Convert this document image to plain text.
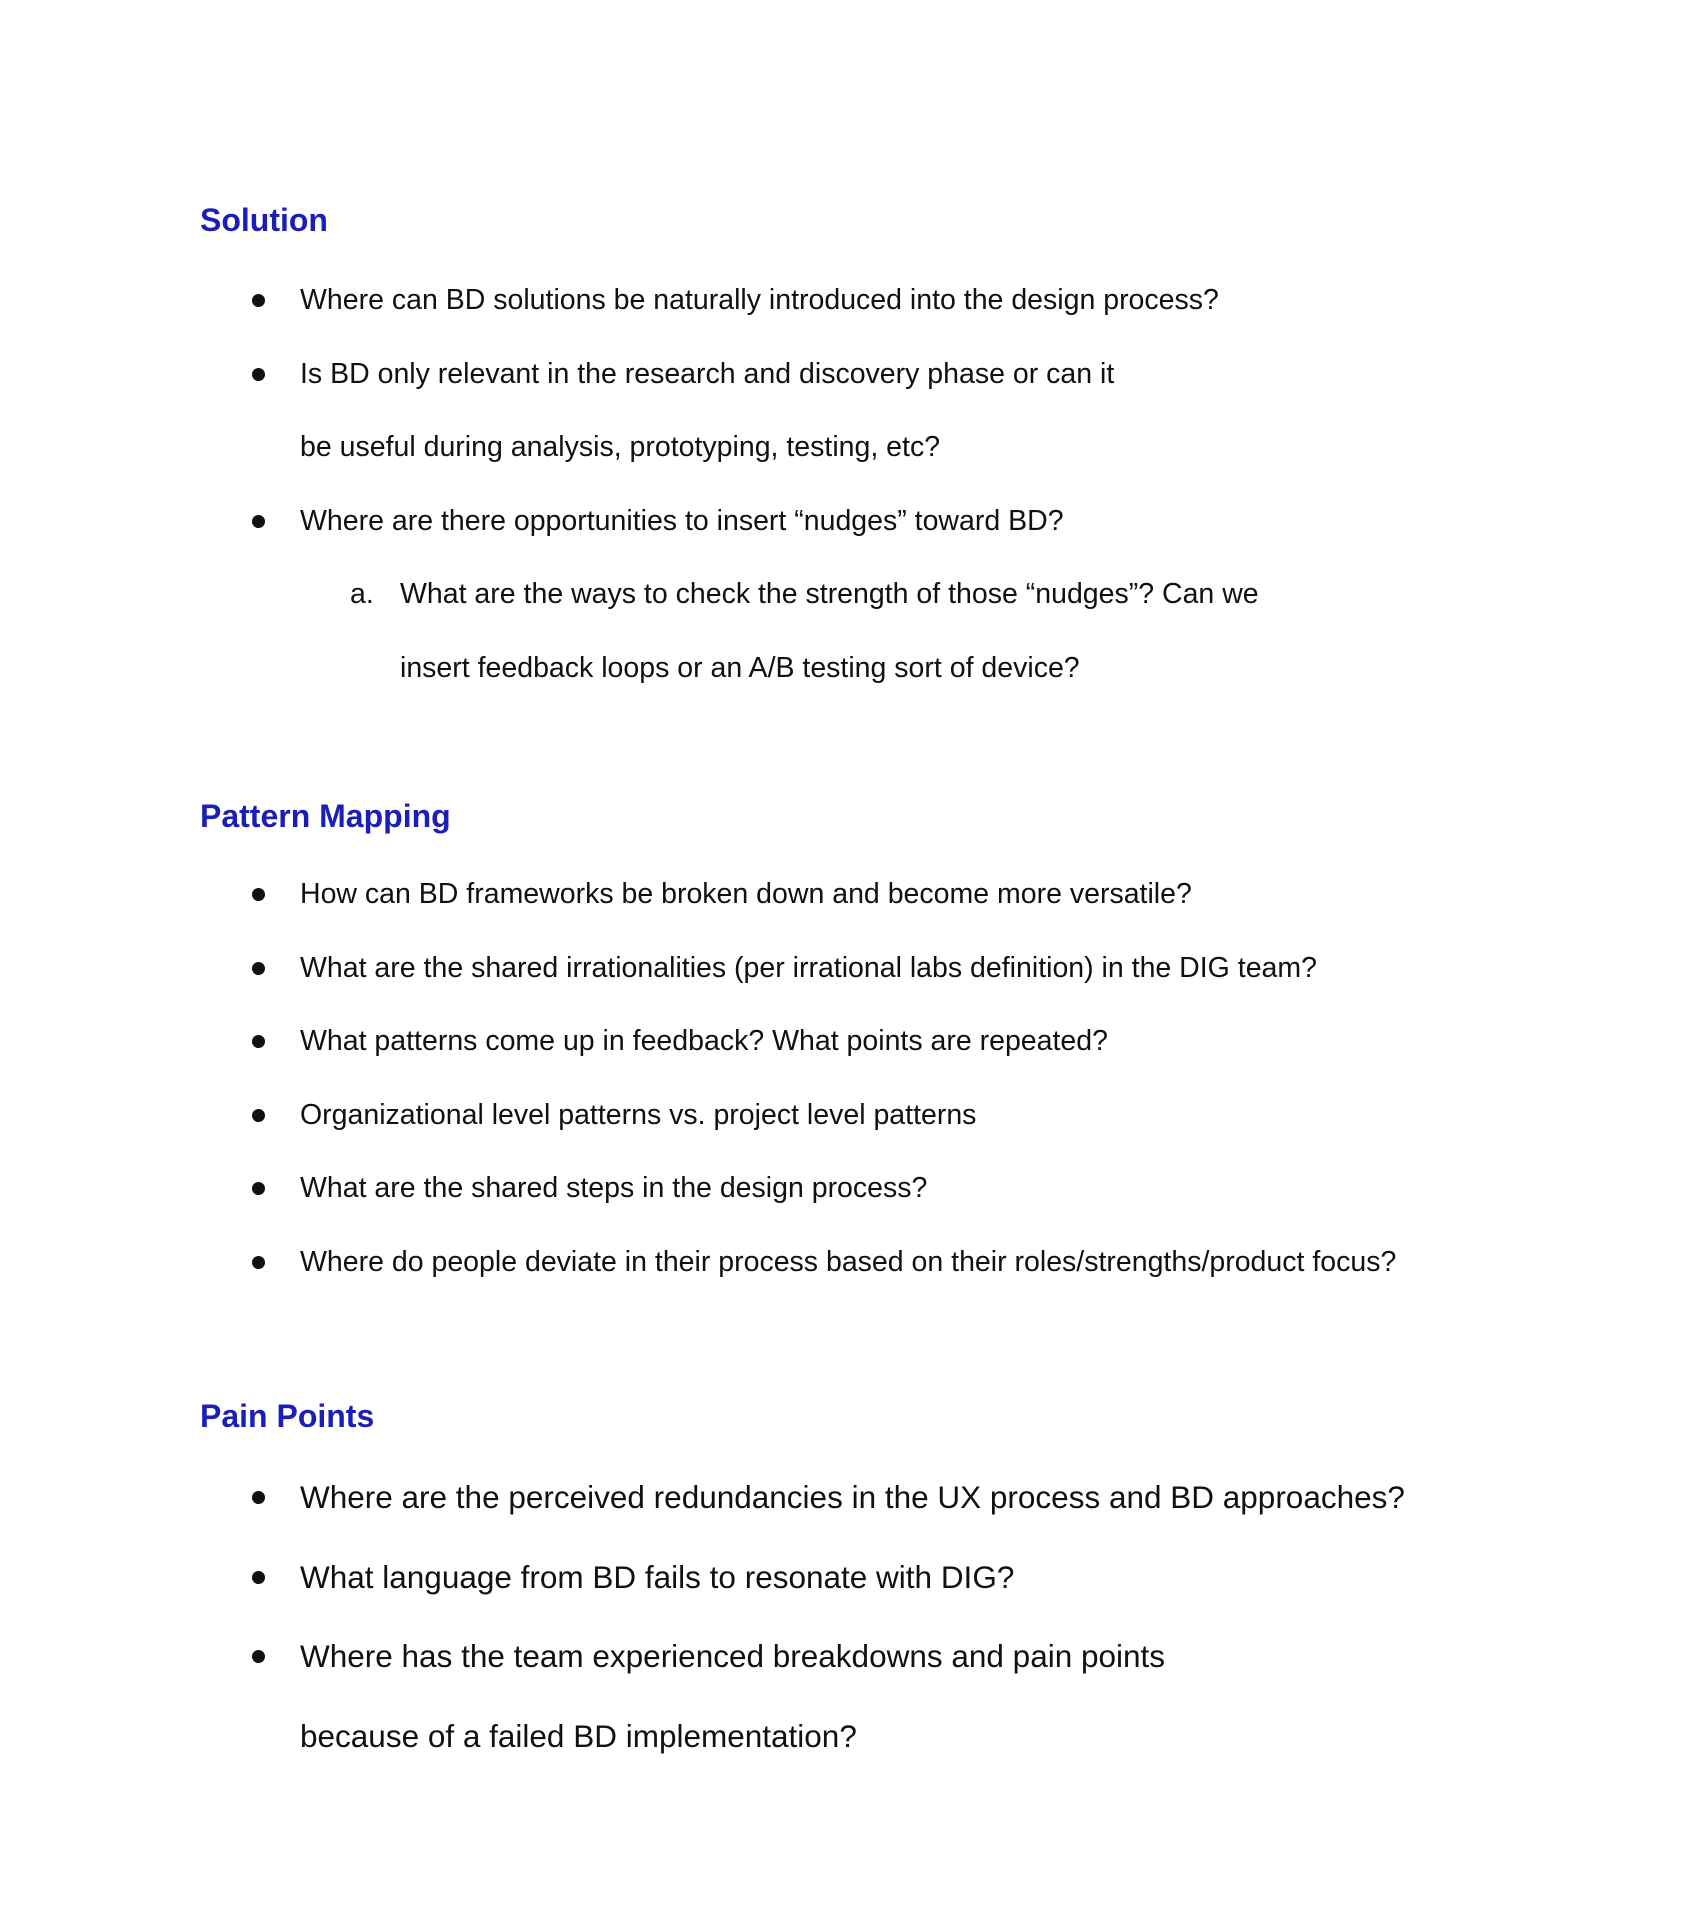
Solution
Where can BD solutions be naturally introduced into the design process?
Is BD only relevant in the research and discovery phase or can it be useful during analysis, prototyping, testing, etc?
Where are there opportunities to insert “nudges” toward BD?
a. What are the ways to check the strength of those “nudges”? Can we insert feedback loops or an A/B testing sort of device?
Pattern Mapping
How can BD frameworks be broken down and become more versatile?
What are the shared irrationalities (per irrational labs definition) in the DIG team?
What patterns come up in feedback? What points are repeated?
Organizational level patterns vs. project level patterns
What are the shared steps in the design process?
Where do people deviate in their process based on their roles/strengths/product focus?
Pain Points
Where are the perceived redundancies in the UX process and BD approaches?
What language from BD fails to resonate with DIG?
Where has the team experienced breakdowns and pain points because of a failed BD implementation?
